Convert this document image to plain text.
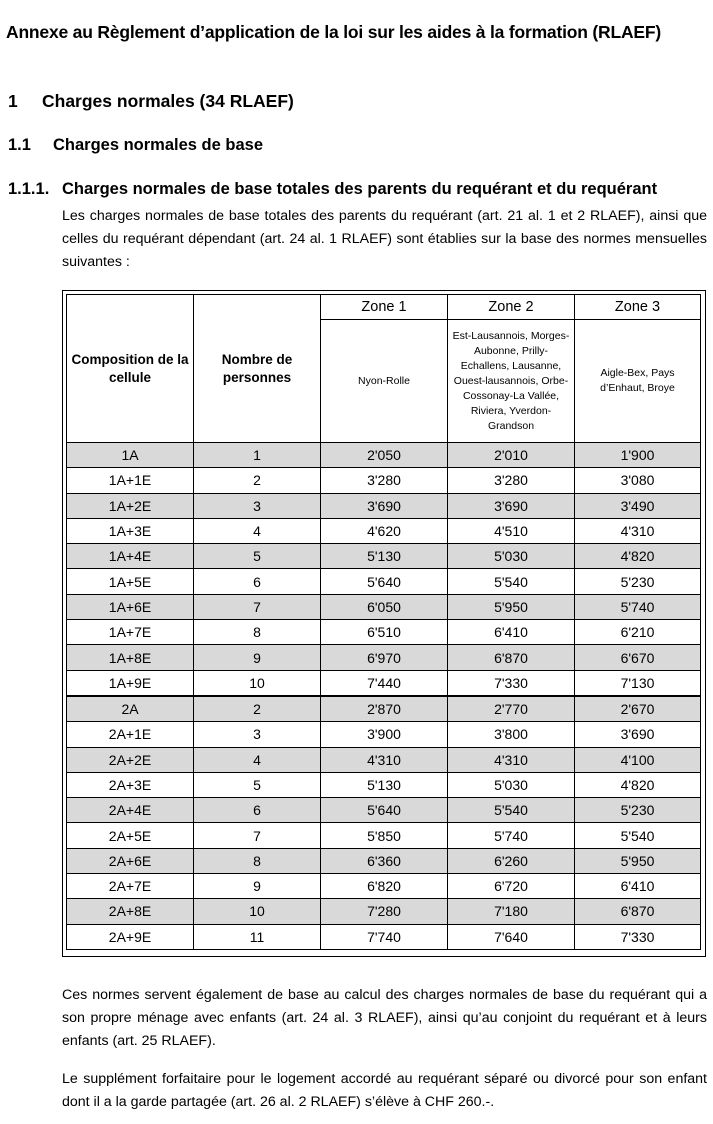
Annexe au Règlement d’application de la loi sur les aides à la formation (RLAEF)
1 Charges normales (34 RLAEF)
1.1 Charges normales de base
1.1.1. Charges normales de base totales des parents du requérant et du requérant
Les charges normales de base totales des parents du requérant (art. 21 al. 1 et 2 RLAEF), ainsi que celles du requérant dépendant (art. 24 al. 1 RLAEF) sont établies sur la base des normes mensuelles suivantes :
Composition de la cellule	Nombre de personnes	Zone 1	Zone 2	Zone 3
		Nyon-Rolle	Est-Lausannois, Morges-Aubonne, Prilly-Echallens, Lausanne, Ouest-lausannois, Orbe-Cossonay-La Vallée, Riviera, Yverdon-Grandson	Aigle-Bex, Pays d’Enhaut, Broye
1A	1	2'050	2'010	1'900
1A+1E	2	3'280	3'280	3'080
1A+2E	3	3'690	3'690	3'490
1A+3E	4	4'620	4'510	4'310
1A+4E	5	5'130	5'030	4'820
1A+5E	6	5'640	5'540	5'230
1A+6E	7	6'050	5'950	5'740
1A+7E	8	6'510	6'410	6'210
1A+8E	9	6'970	6'870	6'670
1A+9E	10	7'440	7'330	7'130
2A	2	2'870	2'770	2'670
2A+1E	3	3'900	3'800	3'690
2A+2E	4	4'310	4'310	4'100
2A+3E	5	5'130	5'030	4'820
2A+4E	6	5'640	5'540	5'230
2A+5E	7	5'850	5'740	5'540
2A+6E	8	6'360	6'260	5'950
2A+7E	9	6'820	6'720	6'410
2A+8E	10	7'280	7'180	6'870
2A+9E	11	7'740	7'640	7'330
Ces normes servent également de base au calcul des charges normales de base du requérant qui a son propre ménage avec enfants (art. 24 al. 3 RLAEF), ainsi qu’au conjoint du requérant et à leurs enfants (art. 25 RLAEF).
Le supplément forfaitaire pour le logement accordé au requérant séparé ou divorcé pour son enfant dont il a la garde partagée (art. 26 al. 2 RLAEF) s’élève à CHF 260.-.
